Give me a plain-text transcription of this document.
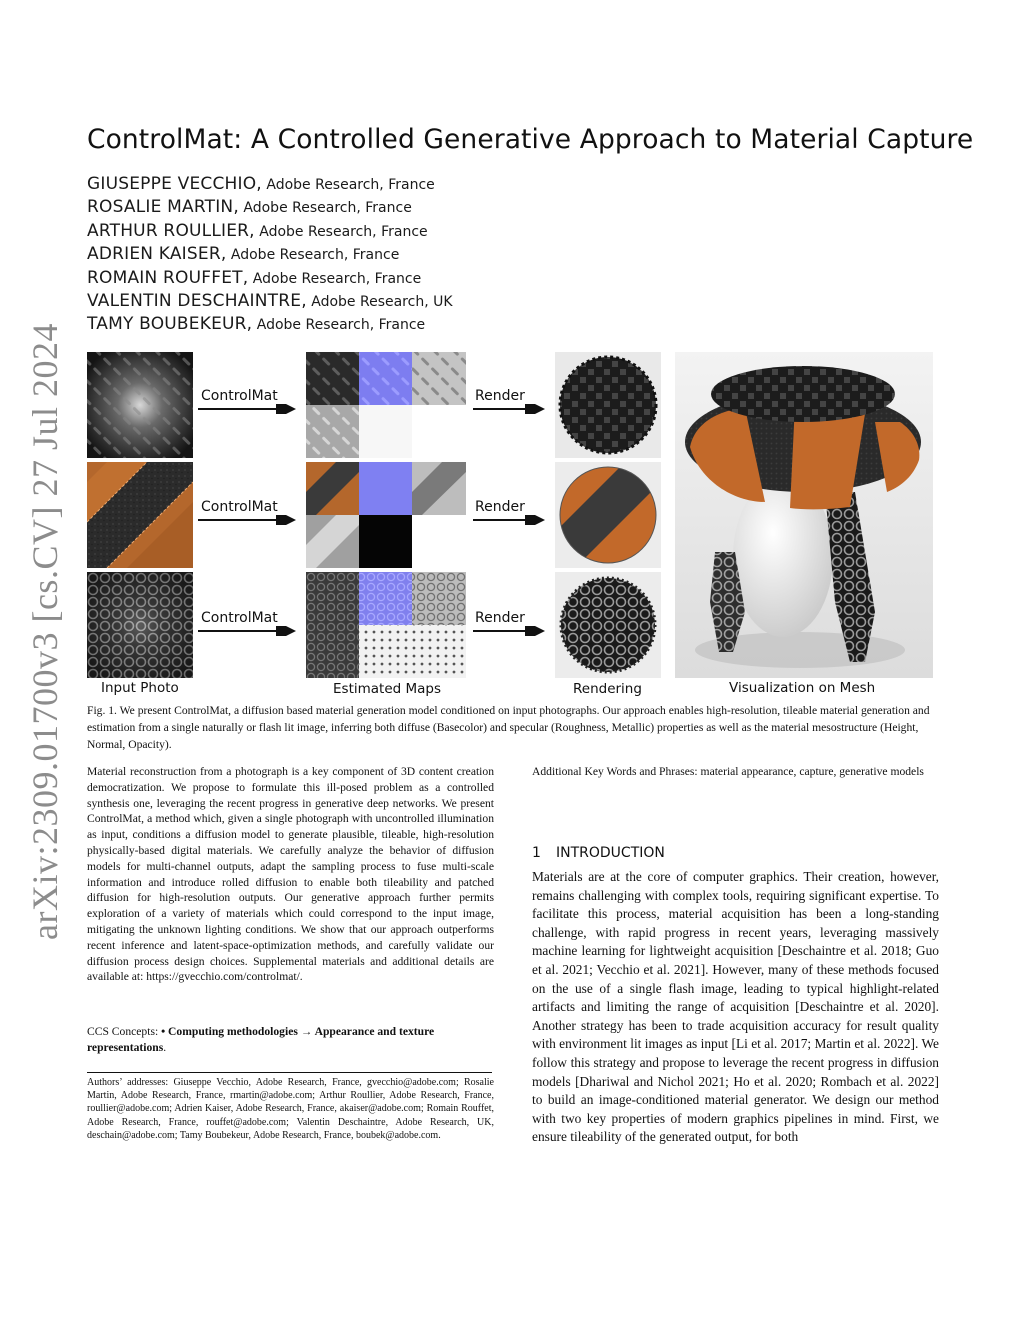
arXiv:2309.01700v3 [cs.CV] 27 Jul 2024
ControlMat: A Controlled Generative Approach to Material Capture
GIUSEPPE VECCHIO, Adobe Research, France
ROSALIE MARTIN, Adobe Research, France
ARTHUR ROULLIER, Adobe Research, France
ADRIEN KAISER, Adobe Research, France
ROMAIN ROUFFET, Adobe Research, France
VALENTIN DESCHAINTRE, Adobe Research, UK
TAMY BOUBEKEUR, Adobe Research, France
ControlMat	Render
ControlMat	Render
ControlMat	Render
Input Photo	Estimated Maps	Rendering	Visualization on Mesh
Fig. 1. We present ControlMat, a diffusion based material generation model conditioned on input photographs. Our approach enables high-resolution, tileable material generation and estimation from a single naturally or flash lit image, inferring both diffuse (Basecolor) and specular (Roughness, Metallic) properties as well as the material mesostructure (Height, Normal, Opacity).
Material reconstruction from a photograph is a key component of 3D content creation democratization. We propose to formulate this ill-posed problem as a controlled synthesis one, leveraging the recent progress in generative deep networks. We present ControlMat, a method which, given a single photograph with uncontrolled illumination as input, conditions a diffusion model to generate plausible, tileable, high-resolution physically-based digital materials. We carefully analyze the behavior of diffusion models for multi-channel outputs, adapt the sampling process to fuse multi-scale information and introduce rolled diffusion to enable both tileability and patched diffusion for high-resolution outputs. Our generative approach further permits exploration of a variety of materials which could correspond to the input image, mitigating the unknown lighting conditions. We show that our approach outperforms recent inference and latent-space-optimization methods, and carefully validate our diffusion process design choices. Supplemental materials and additional details are available at: https://gvecchio.com/controlmat/.
CCS Concepts: • Computing methodologies → Appearance and texture representations.
Authors’ addresses: Giuseppe Vecchio, Adobe Research, France, gvecchio@adobe.com; Rosalie Martin, Adobe Research, France, rmartin@adobe.com; Arthur Roullier, Adobe Research, France, roullier@adobe.com; Adrien Kaiser, Adobe Research, France, akaiser@adobe.com; Romain Rouffet, Adobe Research, France, rouffet@adobe.com; Valentin Deschaintre, Adobe Research, UK, deschain@adobe.com; Tamy Boubekeur, Adobe Research, France, boubek@adobe.com.
Additional Key Words and Phrases: material appearance, capture, generative models
1 INTRODUCTION
Materials are at the core of computer graphics. Their creation, however, remains challenging with complex tools, requiring significant expertise. To facilitate this process, material acquisition has been a long-standing challenge, with rapid progress in recent years, leveraging massively machine learning for lightweight acquisition [Deschaintre et al. 2018; Guo et al. 2021; Vecchio et al. 2021]. However, many of these methods focused on the use of a single flash image, leading to typical highlight-related artifacts and limiting the range of acquisition [Deschaintre et al. 2020]. Another strategy has been to trade acquisition accuracy for result quality with environment lit images as input [Li et al. 2017; Martin et al. 2022]. We follow this strategy and propose to leverage the recent progress in diffusion models [Dhariwal and Nichol 2021; Ho et al. 2020; Rombach et al. 2022] to build an image-conditioned material generator. We design our method with two key properties of modern graphics pipelines in mind. First, we ensure tileability of the generated output, for both
